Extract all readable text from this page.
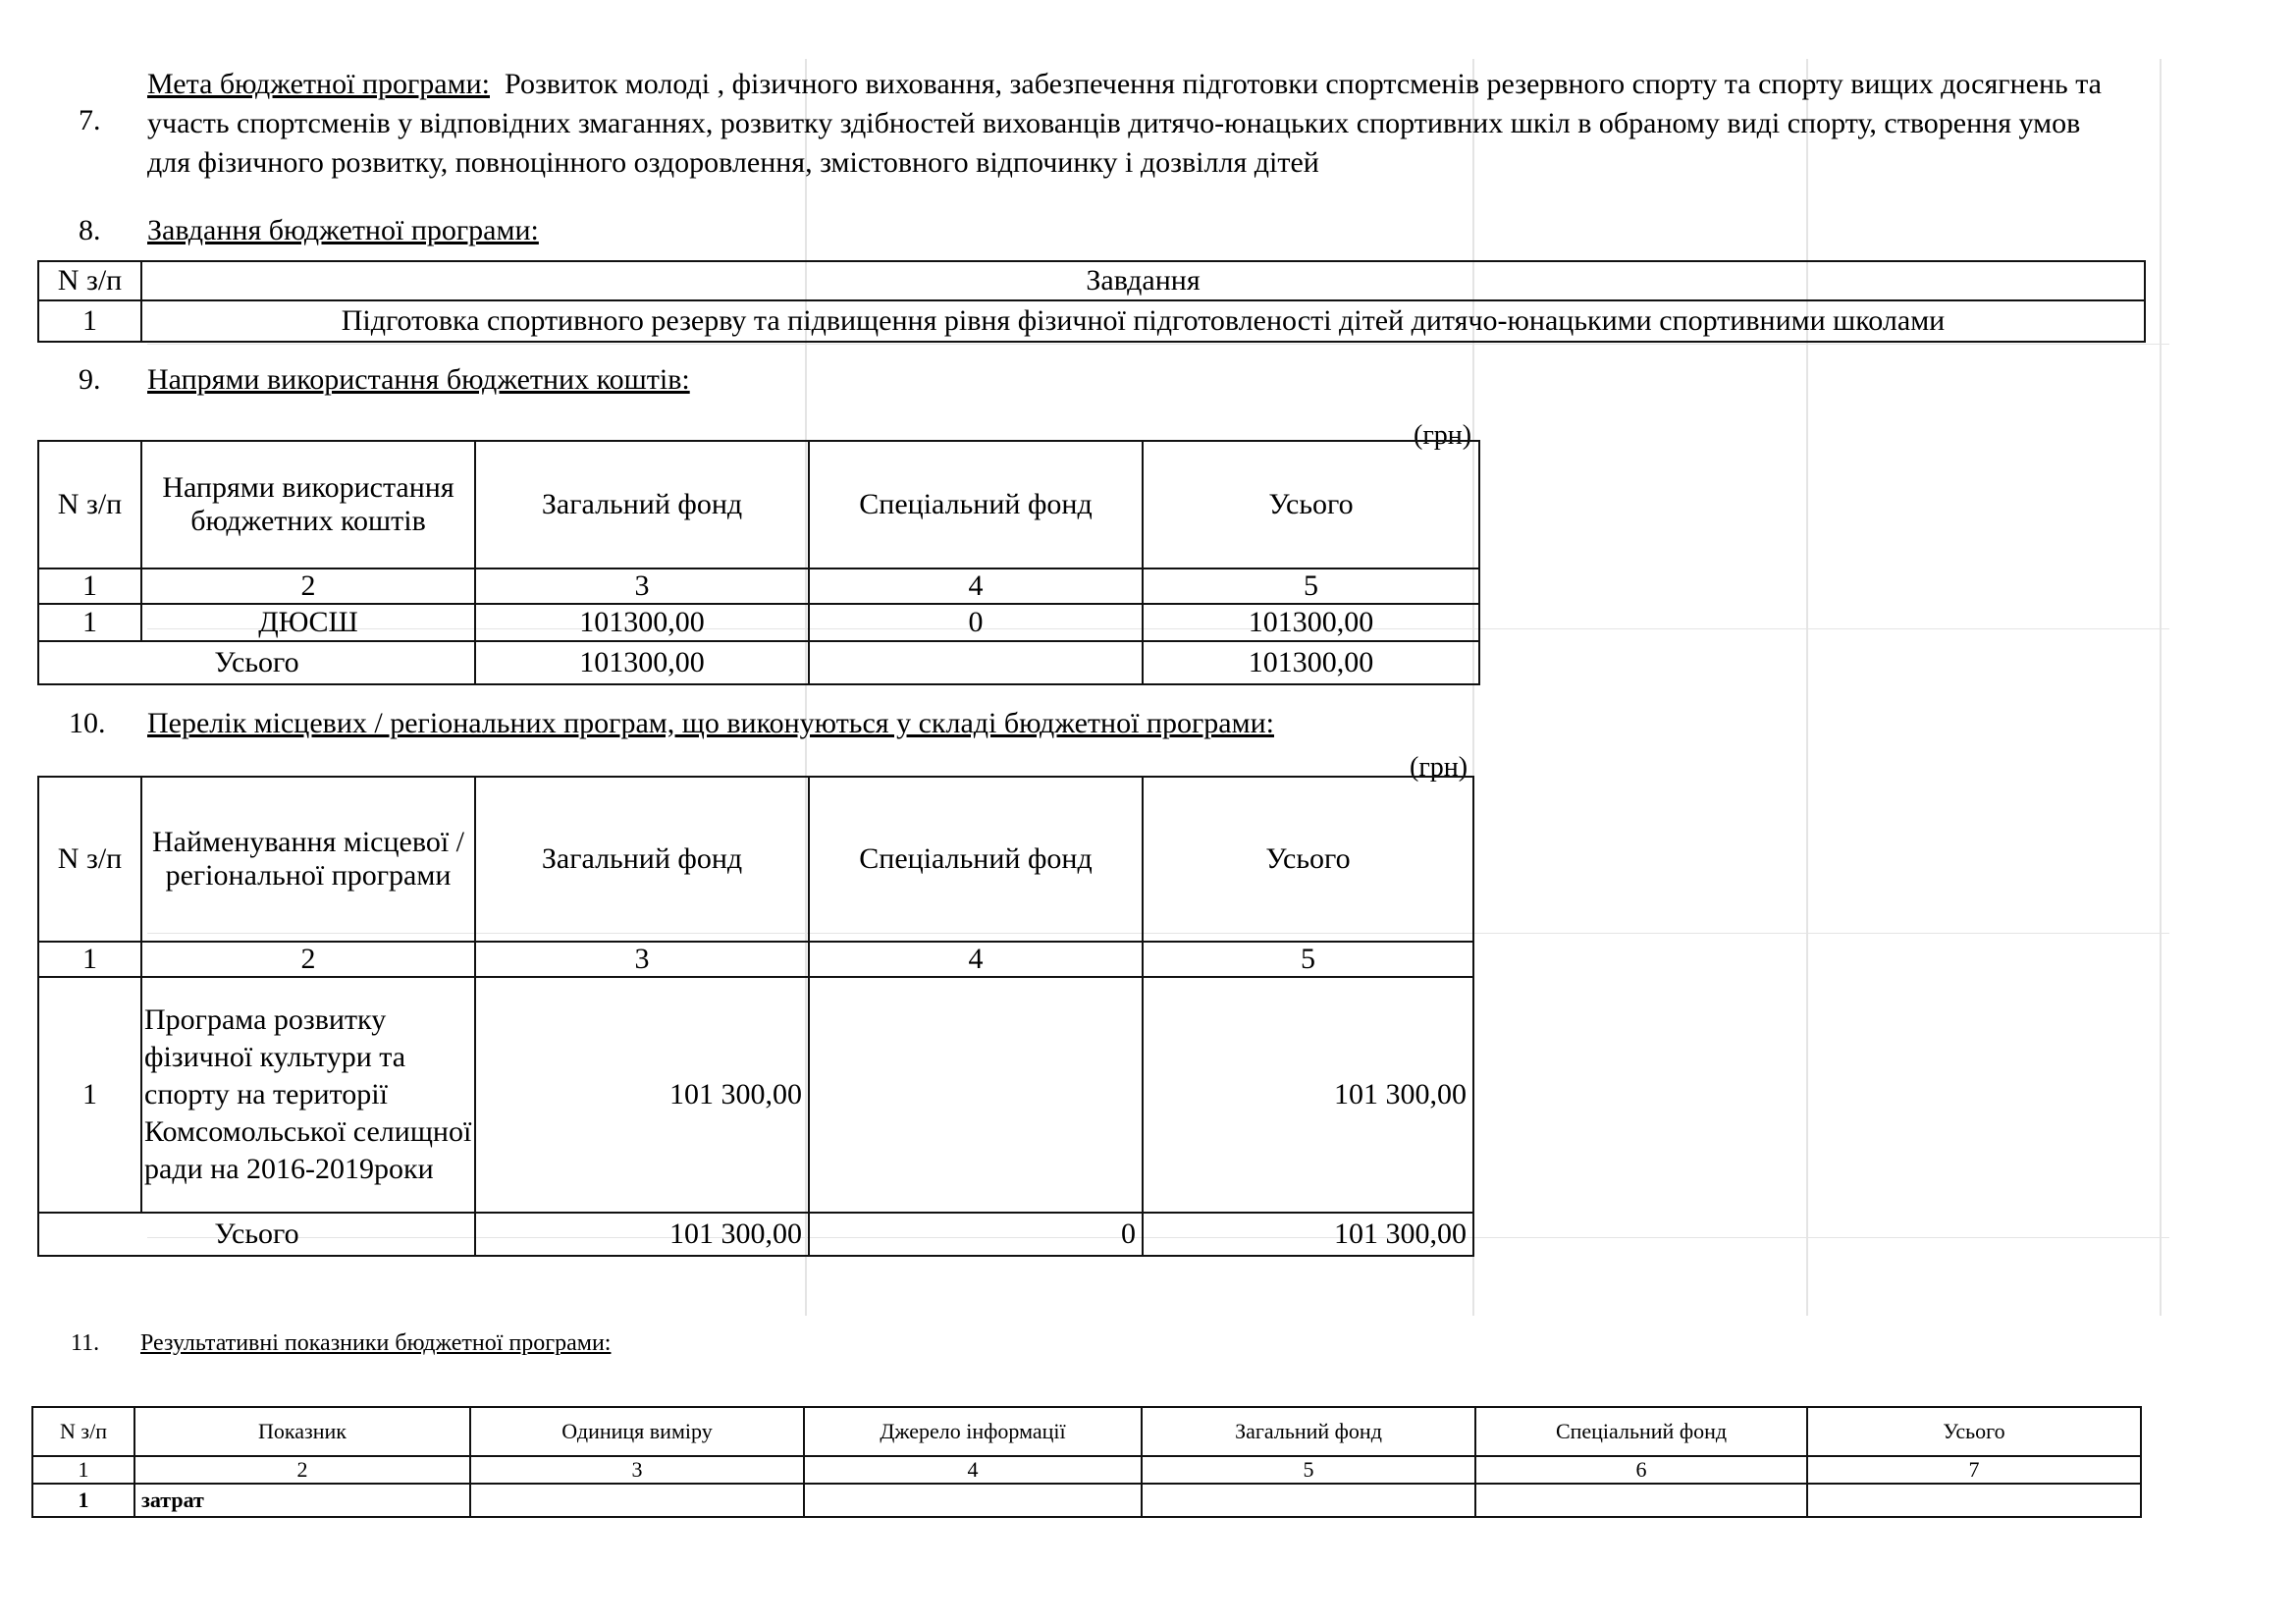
7.
Мета бюджетної програми: Розвиток молоді , фізичного виховання, забезпечення підготовки спортсменів резервного спорту та спорту вищих досягнень та участь спортсменів у відповідних змаганнях, розвитку здібностей вихованців дитячо-юнацьких спортивних шкіл в обраному виді спорту, створення умов для фізичного розвитку, повноцінного оздоровлення, змістовного відпочинку і дозвілля дітей
8. Завдання бюджетної програми:
N з/п	Завдання
1	Підготовка спортивного резерву та підвищення рівня фізичної підготовленості дітей дитячо-юнацькими спортивними школами
9. Напрями використання бюджетних коштів:
(грн)
N з/п	Напрями використання бюджетних коштів	Загальний фонд	Спеціальний фонд	Усього
1	2	3	4	5
1	ДЮСШ	101300,00	0	101300,00
Усього		101300,00		101300,00
10. Перелік місцевих / регіональних програм, що виконуються у складі бюджетної програми:
(грн)
N з/п	Найменування місцевої / регіональної програми	Загальний фонд	Спеціальний фонд	Усього
1	2	3	4	5
1	Програма розвитку фізичної культури та спорту на території Комсомольської селищної ради на 2016-2019роки	101 300,00		101 300,00
Усього		101 300,00	0	101 300,00
11. Результативні показники бюджетної програми:
N з/п	Показник	Одиниця виміру	Джерело інформації	Загальний фонд	Спеціальний фонд	Усього
1	2	3	4	5	6	7
1	затрат					
